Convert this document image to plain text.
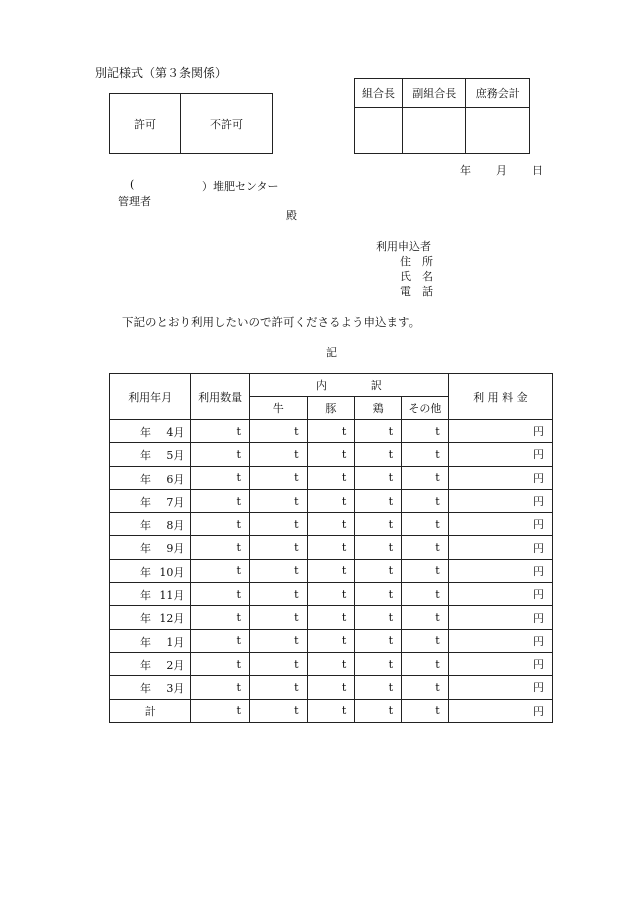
別記様式（第３条関係）
許可	不許可
組合長	副組合長	庶務会計

年 月 日
(	）堆肥センター
管理者
殿
利用申込者
住　所
氏　名
電　話
下記のとおり利用したいので許可くださるよう申込ます。
記
利用年月	利用数量	内　　　　訳				利 用 料 金
		牛	豚	鶏	その他	

年 4月	t	t	t	t	t	円

年 5月	t	t	t	t	t	円

年 6月	t	t	t	t	t	円

年 7月	t	t	t	t	t	円

年 8月	t	t	t	t	t	円

年 9月	t	t	t	t	t	円

年 10月	t	t	t	t	t	円

年 11月	t	t	t	t	t	円

年 12月	t	t	t	t	t	円

年 1月	t	t	t	t	t	円

年 2月	t	t	t	t	t	円

年 3月	t	t	t	t	t	円
計	t	t	t	t	t	円
